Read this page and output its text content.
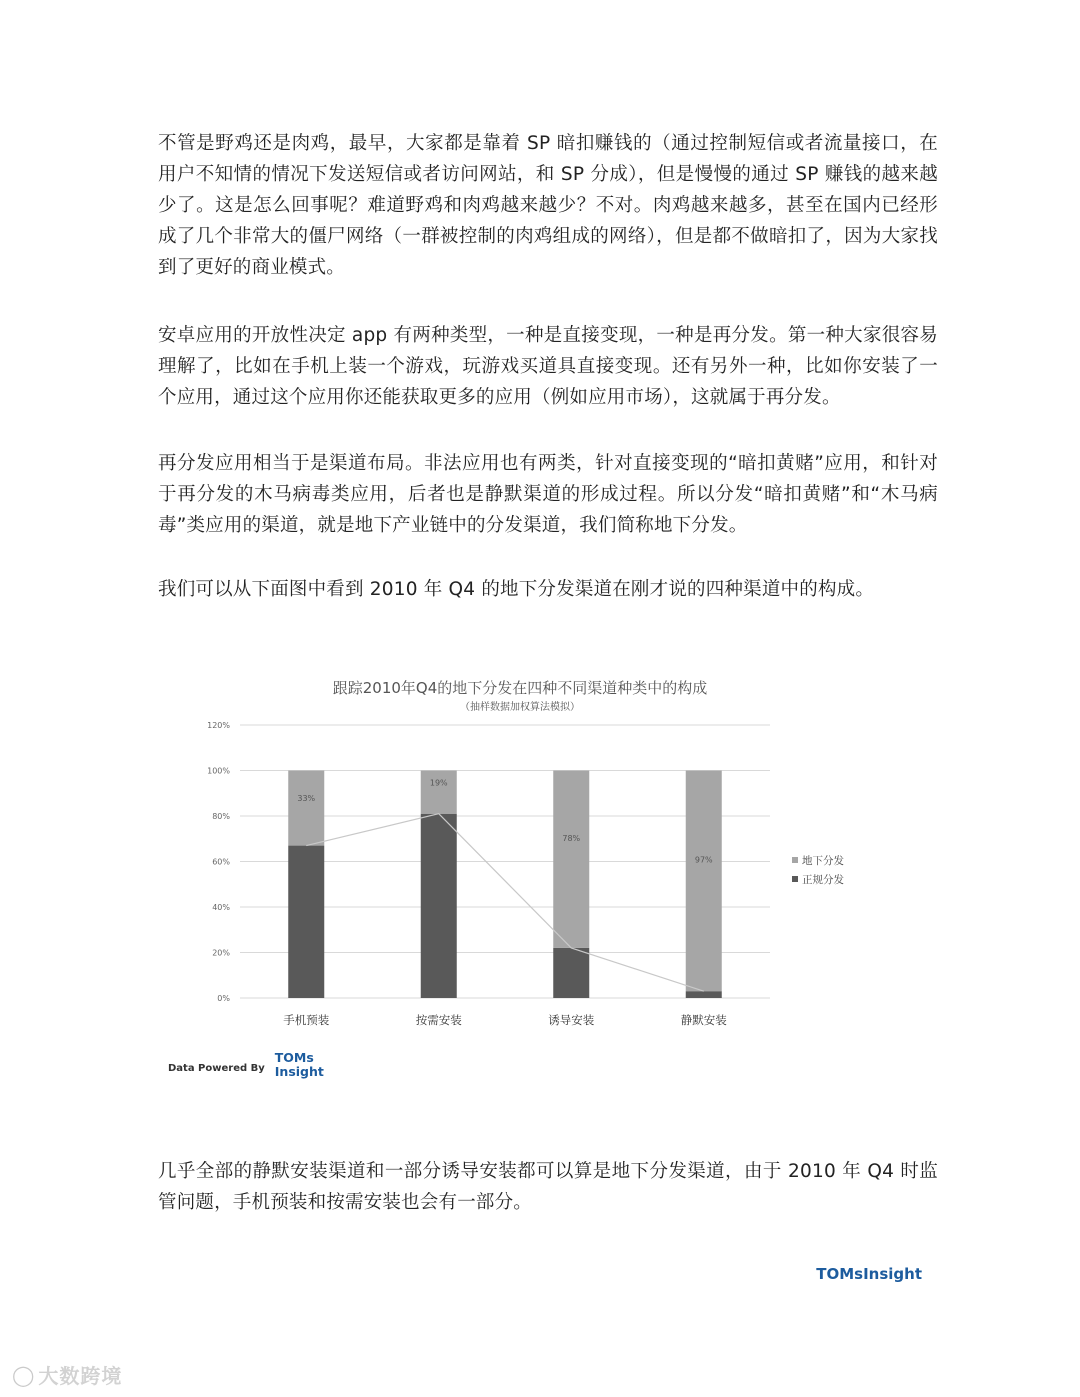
不管是野鸡还是肉鸡，最早，大家都是靠着 SP 暗扣赚钱的（通过控制短信或者流量接口，在用户不知情的情况下发送短信或者访问网站，和 SP 分成），但是慢慢的通过 SP 赚钱的越来越少了。这是怎么回事呢？难道野鸡和肉鸡越来越少？不对。肉鸡越来越多，甚至在国内已经形成了几个非常大的僵尸网络（一群被控制的肉鸡组成的网络），但是都不做暗扣了，因为大家找到了更好的商业模式。

安卓应用的开放性决定 app 有两种类型，一种是直接变现，一种是再分发。第一种大家很容易理解了，比如在手机上装一个游戏，玩游戏买道具直接变现。还有另外一种，比如你安装了一个应用，通过这个应用你还能获取更多的应用（例如应用市场），这就属于再分发。

再分发应用相当于是渠道布局。非法应用也有两类，针对直接变现的“暗扣黄赌”应用，和针对于再分发的木马病毒类应用，后者也是静默渠道的形成过程。所以分发“暗扣黄赌”和“木马病毒”类应用的渠道，就是地下产业链中的分发渠道，我们简称地下分发。

我们可以从下面图中看到 2010 年 Q4 的地下分发渠道在刚才说的四种渠道中的构成。

跟踪2010年Q4的地下分发在四种不同渠道种类中的构成
（抽样数据加权算法模拟）
0%
20%
40%
60%
80%
100%
120%
33%
手机预装
19%
按需安装
78%
诱导安装
97%
静默安装
地下分发
正规分发
Data Powered By
TOMs Insight

几乎全部的静默安装渠道和一部分诱导安装都可以算是地下分发渠道，由于 2010 年 Q4 时监管问题，手机预装和按需安装也会有一部分。

TOMsInsight
◯ 大数跨境
